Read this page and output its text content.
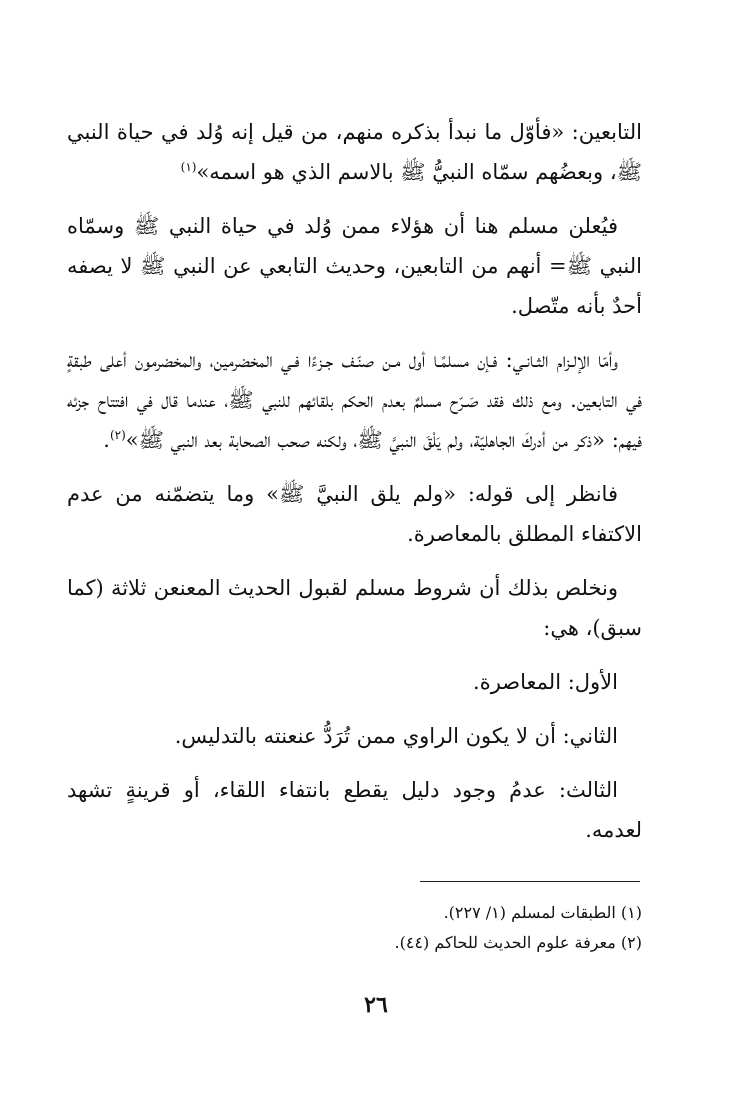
التابعين: «فأوّل ما نبدأ بذكره منهم، من قيل إنه وُلد في حياة النبي ﷺ، وبعضُهم سمّاه النبيُّ ﷺ بالاسم الذي هو اسمه»$^{(١)}$

فيُعلن مسلم هنا أن هؤلاء ممن وُلد في حياة النبي ﷺ وسمّاه النبي ﷺ= أنهم من التابعين، وحديث التابعي عن النبي ﷺ لا يصفه أحدٌ بأنه متّصل.

وأمّا الإلـزام الثـانـي: فـإن مسلمًـا أول مـن صنّـف جـزءًا فـي المخضرمين، والمخضرمون أعلى طبقةٍ في التابعين. ومع ذلك فقد صَـرّح مسلمٌ بعدم الحكم بلقائهم للنبي ﷺ، عندما قال في افتتاح جزئه فيهم: «ذكر من أدركَ الجاهليّة، ولم يَلْقَ النبيَّ ﷺ، ولكنه صحب الصحابة بعد النبي ﷺ»$^{(٢)}$.

فانظر إلى قوله: «ولم يلق النبيَّ ﷺ» وما يتضمّنه من عدم الاكتفاء المطلق بالمعاصرة.

ونخلص بذلك أن شروط مسلم لقبول الحديث المعنعن ثلاثة (كما سبق)، هي:

الأول: المعاصرة.

الثاني: أن لا يكون الراوي ممن تُرَدُّ عنعنته بالتدليس.

الثالث: عدمُ وجود دليل يقطع بانتفاء اللقاء، أو قرينةٍ تشهد لعدمه.

(١) الطبقات لمسلم (١/ ٢٢٧).
(٢) معرفة علوم الحديث للحاكم (٤٤).
٢٦
